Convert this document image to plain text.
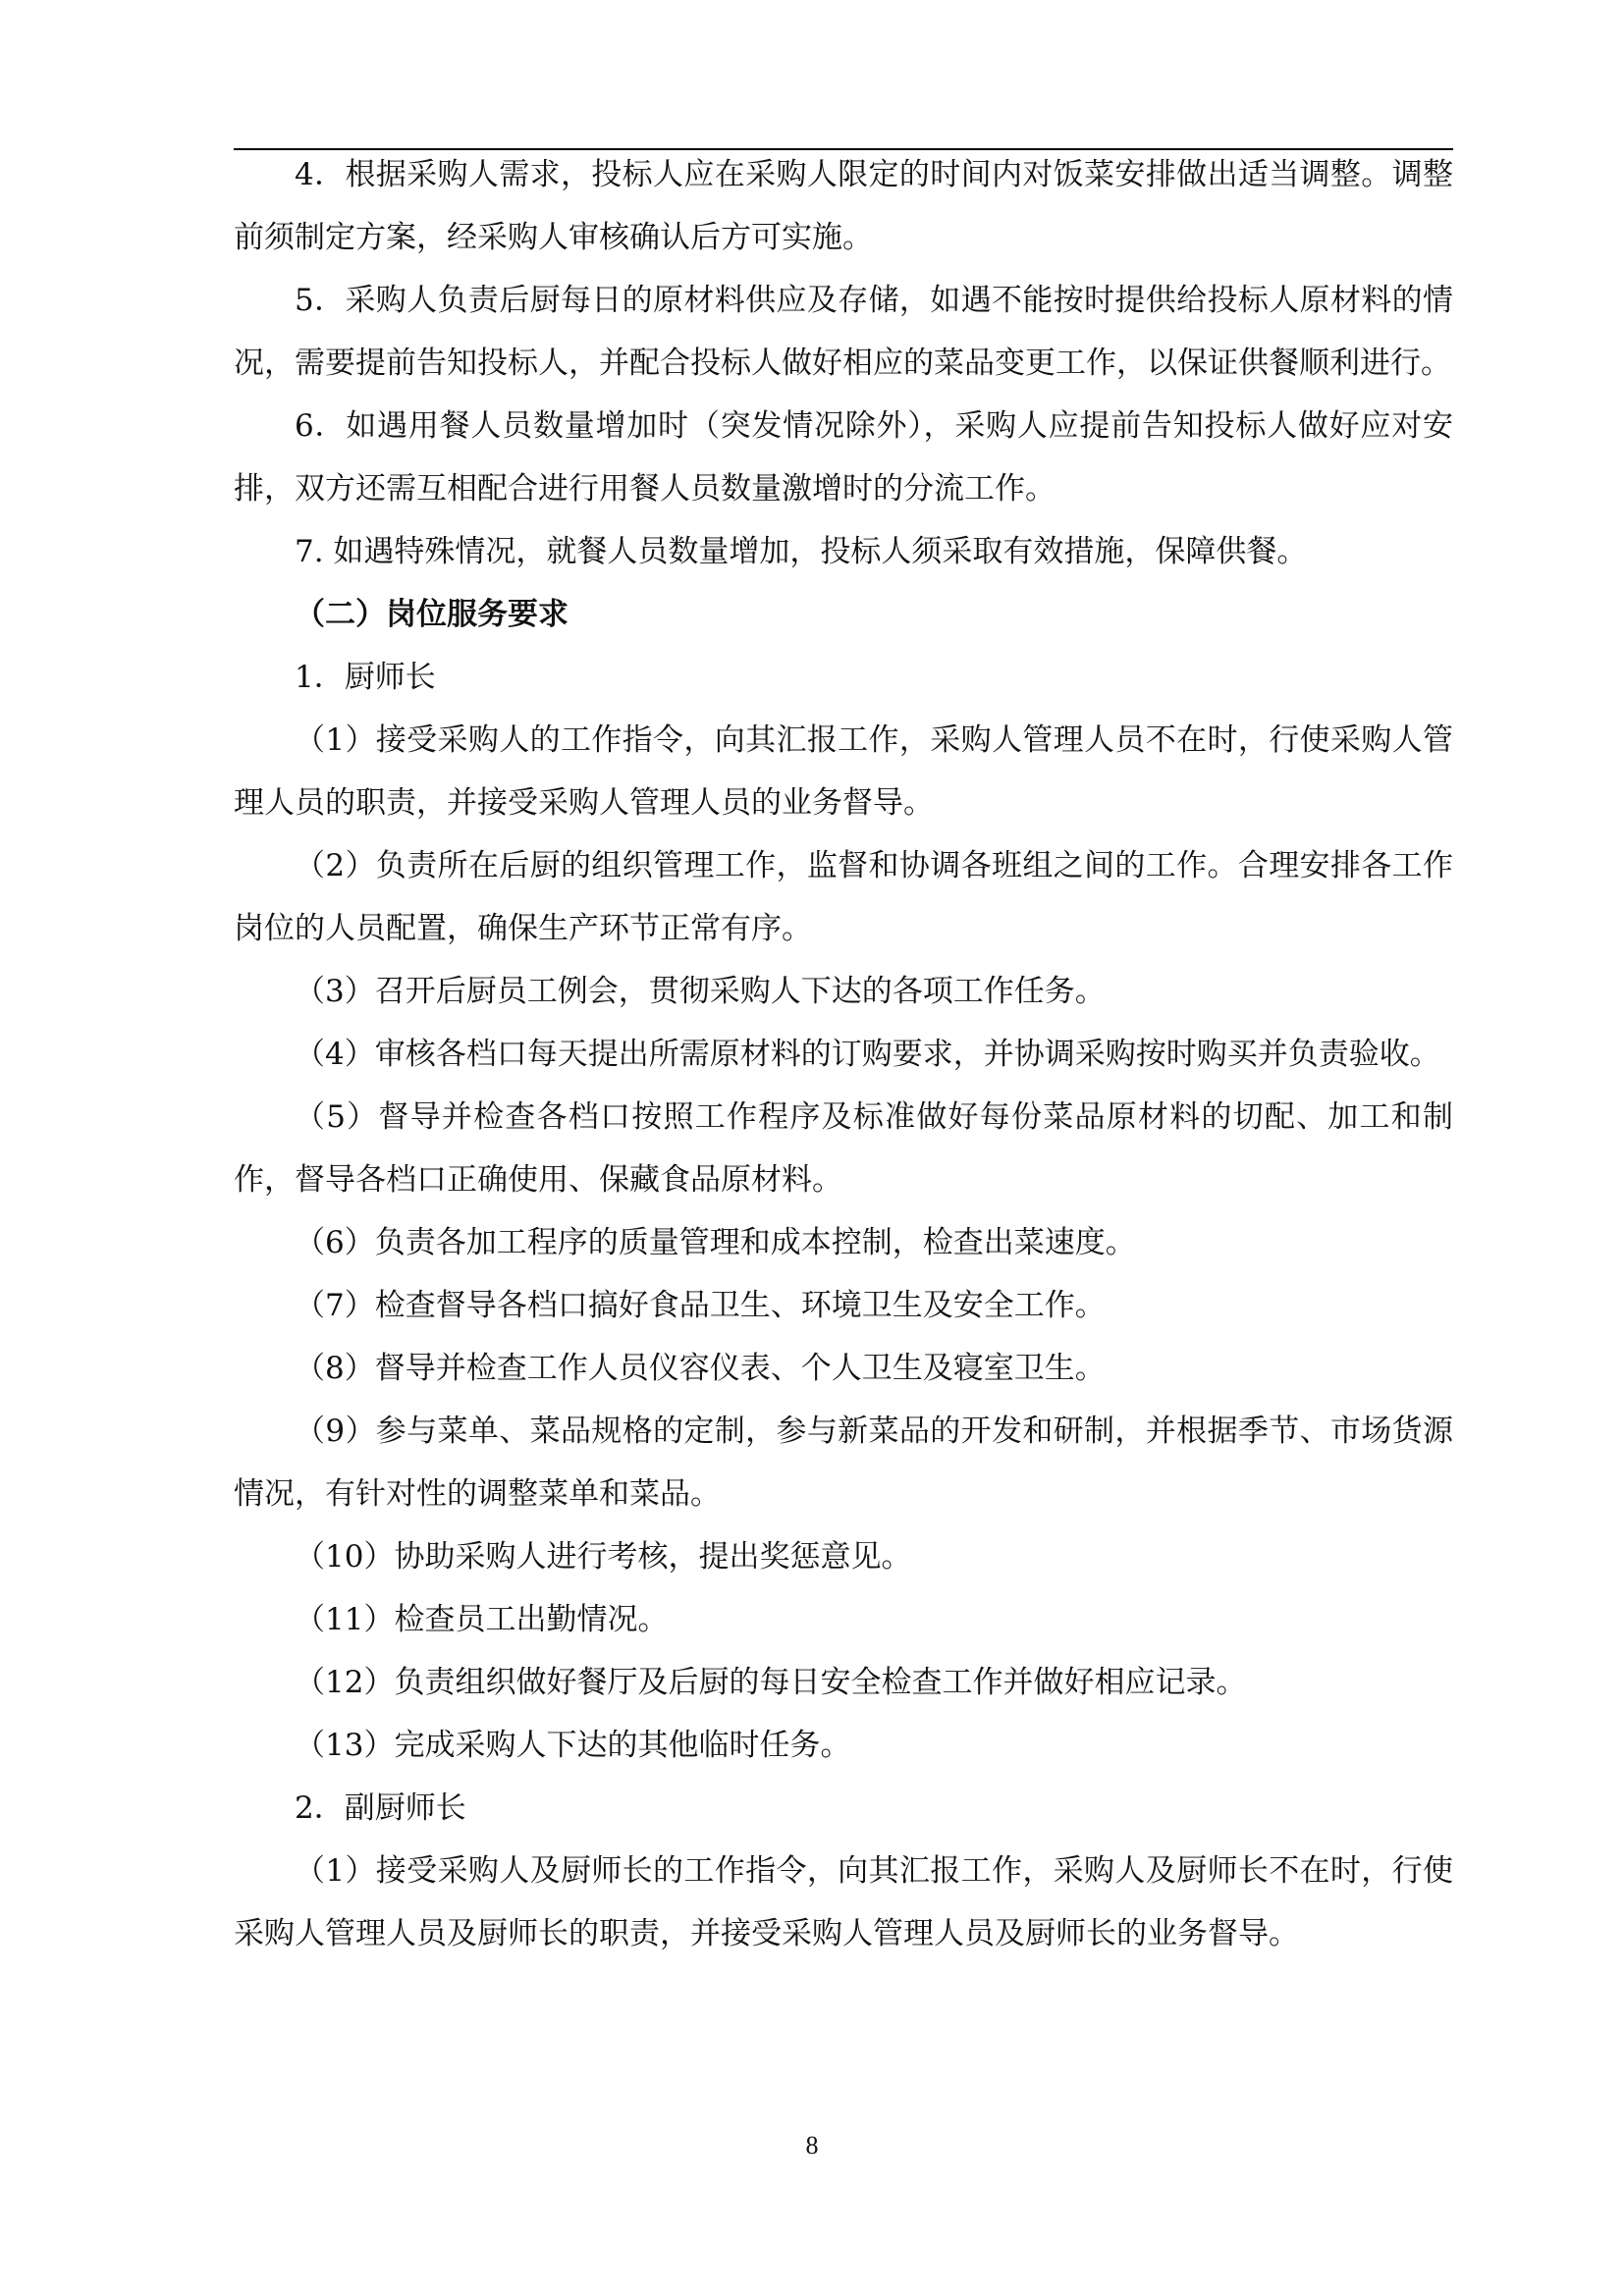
4．根据采购人需求，投标人应在采购人限定的时间内对饭菜安排做出适当调整。调整前须制定方案，经采购人审核确认后方可实施。

5．采购人负责后厨每日的原材料供应及存储，如遇不能按时提供给投标人原材料的情况，需要提前告知投标人，并配合投标人做好相应的菜品变更工作，以保证供餐顺利进行。

6．如遇用餐人员数量增加时（突发情况除外），采购人应提前告知投标人做好应对安排，双方还需互相配合进行用餐人员数量激增时的分流工作。

7. 如遇特殊情况，就餐人员数量增加，投标人须采取有效措施，保障供餐。

（二）岗位服务要求

1．厨师长

（1）接受采购人的工作指令，向其汇报工作，采购人管理人员不在时，行使采购人管理人员的职责，并接受采购人管理人员的业务督导。

（2）负责所在后厨的组织管理工作，监督和协调各班组之间的工作。合理安排各工作岗位的人员配置，确保生产环节正常有序。

（3）召开后厨员工例会，贯彻采购人下达的各项工作任务。

（4）审核各档口每天提出所需原材料的订购要求，并协调采购按时购买并负责验收。

（5）督导并检查各档口按照工作程序及标准做好每份菜品原材料的切配、加工和制作，督导各档口正确使用、保藏食品原材料。

（6）负责各加工程序的质量管理和成本控制，检查出菜速度。

（7）检查督导各档口搞好食品卫生、环境卫生及安全工作。

（8）督导并检查工作人员仪容仪表、个人卫生及寝室卫生。

（9）参与菜单、菜品规格的定制，参与新菜品的开发和研制，并根据季节、市场货源情况，有针对性的调整菜单和菜品。

（10）协助采购人进行考核，提出奖惩意见。

（11）检查员工出勤情况。

（12）负责组织做好餐厅及后厨的每日安全检查工作并做好相应记录。

（13）完成采购人下达的其他临时任务。

2．副厨师长

（1）接受采购人及厨师长的工作指令，向其汇报工作，采购人及厨师长不在时，行使采购人管理人员及厨师长的职责，并接受采购人管理人员及厨师长的业务督导。

8
